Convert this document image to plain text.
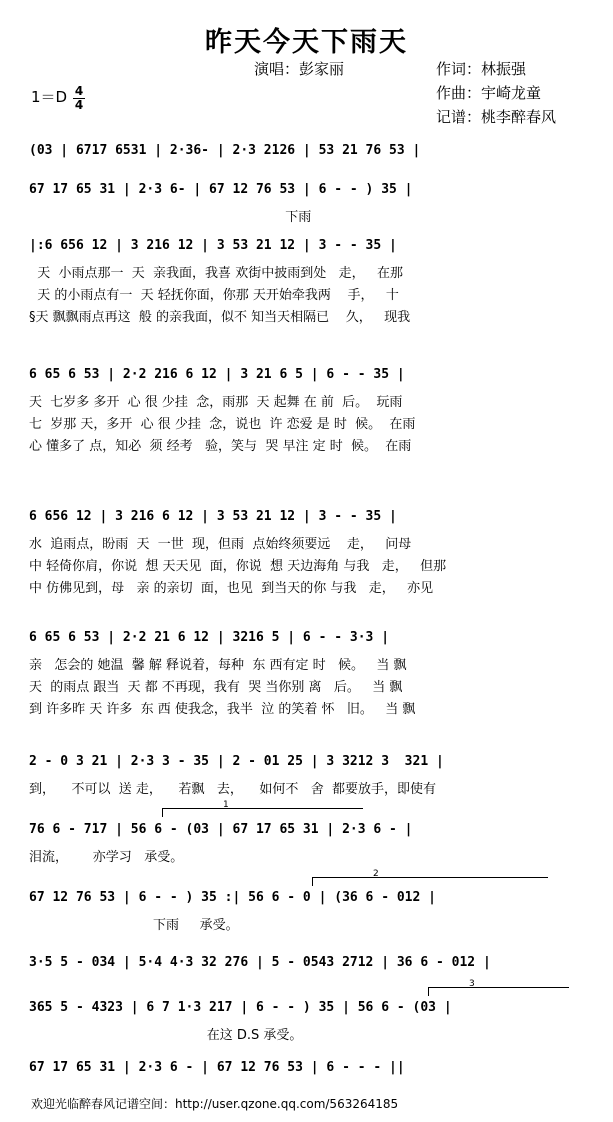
昨天今天下雨天
演唱：彭家丽	作词：林振强
作曲：宇崎龙童
记谱：桃李醉春风
1＝D 4
4
(03 | 6717 6531 | 2·36- | 2·3 2126 | 53 21 76 53 |
67 17 65 31 | 2·3 6- | 67 12 76 53 | 6 - - ) 35 |
下雨
|:6 656 12 | 3 216 12 | 3 53 21 12 | 3 - - 35 |
天  小雨点那一  天  亲我面，我喜 欢街中披雨到处   走，   在那
天 的小雨点有一  天 轻抚你面，你那 天开始牵我两    手，   十
§天 飘飘雨点再这  般 的亲我面，似不 知当天相隔已    久，   现我
6 65 6 53 | 2·2 216 6 12 | 3 21 6 5 | 6 - - 35 |
天  七岁多 多开  心 很 少挂  念，雨那  天 起舞 在 前  后。  玩雨
七  岁那 天，多开  心 很 少挂  念，说也  许 恋爱 是 时  候。  在雨
心 懂多了 点，知必  须 经考   验，笑与  哭 早注 定 时  候。  在雨
6 656 12 | 3 216 6 12 | 3 53 21 12 | 3 - - 35 |
水  追雨点，盼雨  天  一世  现，但雨  点始终须要远    走，   问母
中 轻倚你肩，你说  想 天天见  面，你说  想 天边海角 与我   走，   但那
中 仿佛见到，母   亲 的亲切  面，也见  到当天的你 与我   走，   亦见
6 65 6 53 | 2·2 21 6 12 | 3216 5 | 6 - - 3·3 |
亲   怎会的 她温  馨 解 释说着，每种  东 西有定 时   候。   当 飘
天  的雨点 跟当  天 都 不再现，我有  哭 当你别 离   后。   当 飘
到 许多昨 天 许多  东 西 使我念，我半  泣 的笑着 怀   旧。   当 飘
2 - 0 3 21 | 2·3 3 - 35 | 2 - 01 25 | 3 3212 3  321 |
到，    不可以  送 走，    若飘   去，    如何不   舍  都要放手，即使有
76 6 - 717 | 56 6 - (03 | 67 17 65 31 | 2·3 6 - |
泪流，      亦学习   承受。
67 12 76 53 | 6 - - ) 35 :| 56 6 - 0 | (36 6 - 012 |
下雨     承受。
3·5 5 - 034 | 5·4 4·3 32 276 | 5 - 0543 2712 | 36 6 - 012 |
365 5 - 4323 | 6 7 1·3 217 | 6 - - ) 35 | 56 6 - (03 |
在这 D.S 承受。
67 17 65 31 | 2·3 6 - | 67 12 76 53 | 6 - - - ||
1
2
3
欢迎光临醉春风记谱空间：http://user.qzone.qq.com/563264185
